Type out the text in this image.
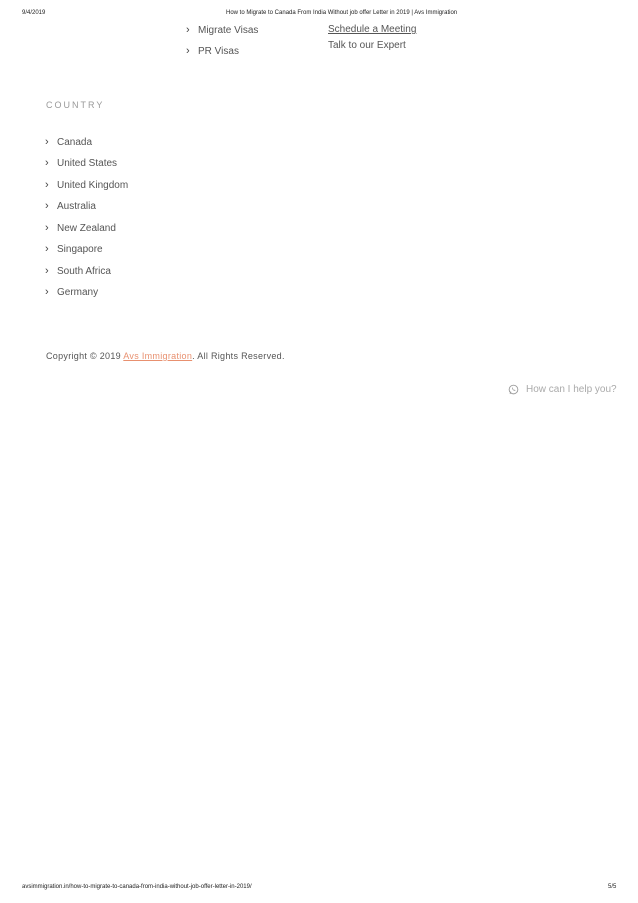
9/4/2019	How to Migrate to Canada From India Without job offer Letter in 2019 | Avs Immigration
› Migrate Visas
› PR Visas
Schedule a Meeting
Talk to our Expert
COUNTRY
› Canada
› United States
› United Kingdom
› Australia
› New Zealand
› Singapore
› South Africa
› Germany
Copyright © 2019 Avs Immigration. All Rights Reserved.
How can I help you?
avsimmigration.in/how-to-migrate-to-canada-from-india-without-job-offer-letter-in-2019/	5/5
